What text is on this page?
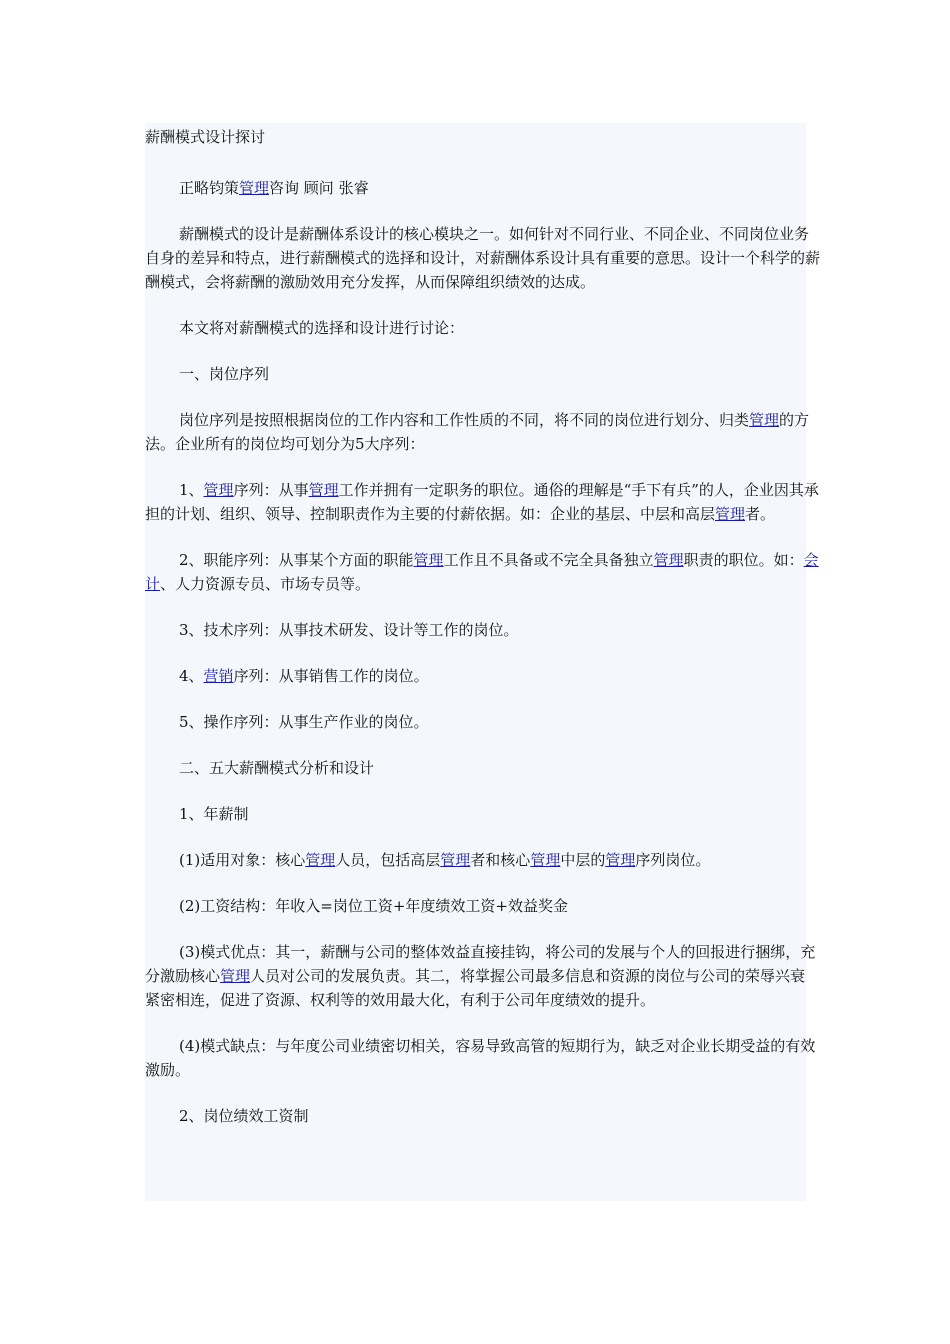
薪酬模式设计探讨

正略钧策管理咨询 顾问 张睿

薪酬模式的设计是薪酬体系设计的核心模块之一。如何针对不同行业、不同企业、不同岗位业务自身的差异和特点，进行薪酬模式的选择和设计，对薪酬体系设计具有重要的意思。设计一个科学的薪酬模式，会将薪酬的激励效用充分发挥，从而保障组织绩效的达成。

本文将对薪酬模式的选择和设计进行讨论：

一、岗位序列

岗位序列是按照根据岗位的工作内容和工作性质的不同，将不同的岗位进行划分、归类管理的方法。企业所有的岗位均可划分为5大序列：

1、管理序列：从事管理工作并拥有一定职务的职位。通俗的理解是“手下有兵”的人，企业因其承担的计划、组织、领导、控制职责作为主要的付薪依据。如：企业的基层、中层和高层管理者。

2、职能序列：从事某个方面的职能管理工作且不具备或不完全具备独立管理职责的职位。如：会计、人力资源专员、市场专员等。

3、技术序列：从事技术研发、设计等工作的岗位。

4、营销序列：从事销售工作的岗位。

5、操作序列：从事生产作业的岗位。

二、五大薪酬模式分析和设计

1、年薪制

(1)适用对象：核心管理人员，包括高层管理者和核心管理中层的管理序列岗位。

(2)工资结构：年收入=岗位工资+年度绩效工资+效益奖金

(3)模式优点：其一，薪酬与公司的整体效益直接挂钩，将公司的发展与个人的回报进行捆绑，充分激励核心管理人员对公司的发展负责。其二，将掌握公司最多信息和资源的岗位与公司的荣辱兴衰紧密相连，促进了资源、权利等的效用最大化，有利于公司年度绩效的提升。

(4)模式缺点：与年度公司业绩密切相关，容易导致高管的短期行为，缺乏对企业长期受益的有效激励。

2、岗位绩效工资制
